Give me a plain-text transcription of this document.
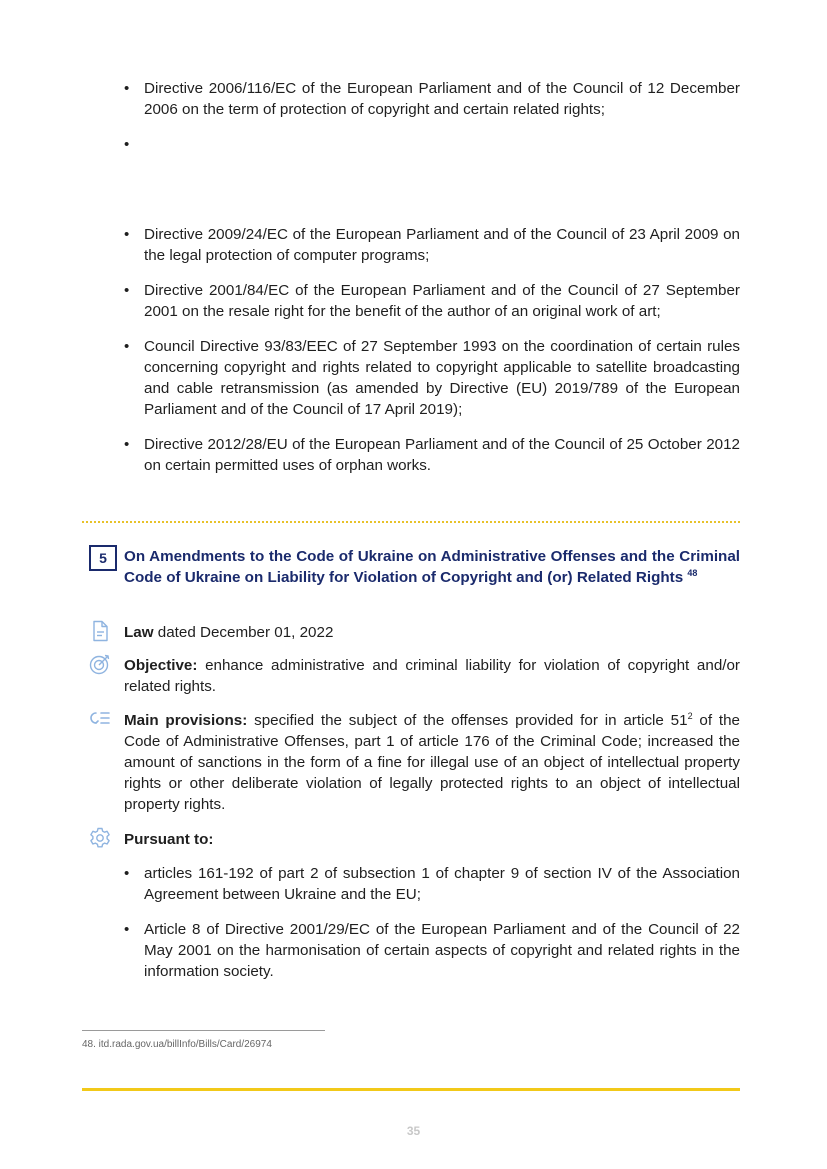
• Directive 2006/116/EC of the European Parliament and of the Council of 12 December 2006 on the term of protection of copyright and certain related rights;
•
• Directive 2009/24/EC of the European Parliament and of the Council of 23 April 2009 on the legal protection of computer programs;
• Directive 2001/84/EC of the European Parliament and of the Council of 27 September 2001 on the resale right for the benefit of the author of an original work of art;
• Council Directive 93/83/EEC of 27 September 1993 on the coordination of certain rules concerning copyright and rights related to copyright applicable to satellite broadcasting and cable retransmission (as amended by Directive (EU) 2019/789 of the European Parliament and of the Council of 17 April 2019);
• Directive 2012/28/EU of the European Parliament and of the Council of 25 October 2012 on certain permitted uses of orphan works.
5	On Amendments to the Code of Ukraine on Administrative Offenses and the Criminal Code of Ukraine on Liability for Violation of Copyright and (or) Related Rights $^{48}$
Law dated December 01, 2022
Objective: enhance administrative and criminal liability for violation of copyright and/or related rights.
Main provisions: specified the subject of the offenses provided for in article $51^2$ of the Code of Administrative Offenses, part 1 of article 176 of the Criminal Code; increased the amount of sanctions in the form of a fine for illegal use of an object of intellectual property rights or other deliberate violation of legally protected rights to an object of intellectual property rights.
Pursuant to:
• articles 161-192 of part 2 of subsection 1 of chapter 9 of section IV of the Association Agreement between Ukraine and the EU;
• Article 8 of Directive 2001/29/EC of the European Parliament and of the Council of 22 May 2001 on the harmonisation of certain aspects of copyright and related rights in the information society.
48. itd.rada.gov.ua/billInfo/Bills/Card/26974
35
